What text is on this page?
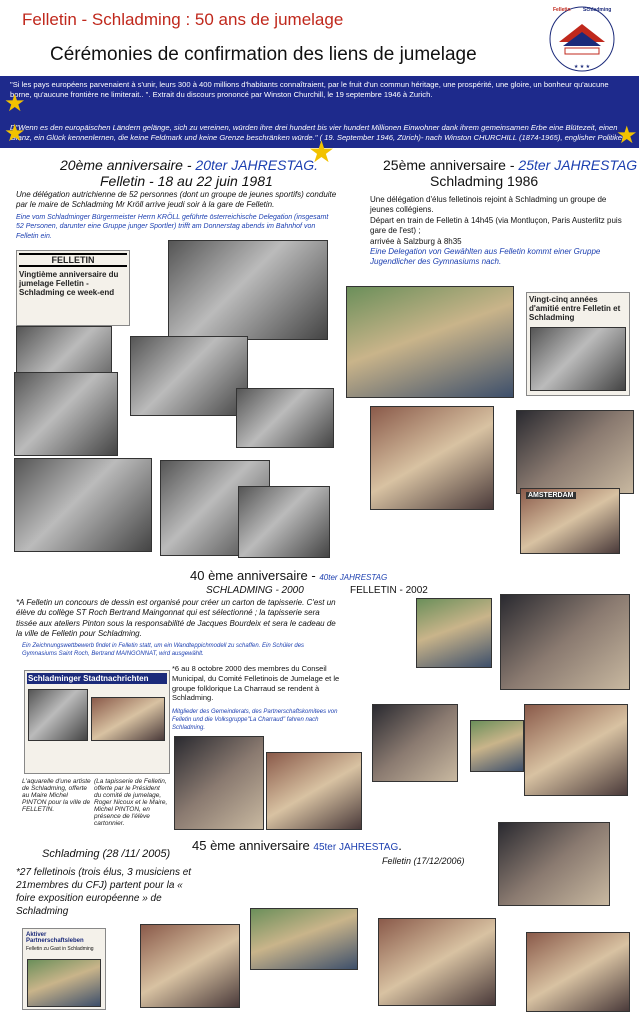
Felletin - Schladming : 50 ans de jumelage
Cérémonies de confirmation des liens de jumelage
★ ★ ★
Felletin Schladming
"Si les pays européens parvenaient à s'unir, leurs 300 à 400 millions d'habitants connaîtraient, par le fruit d'un commun héritage, une prospérité, une gloire, un bonheur qu'aucune borne, qu'aucune frontière ne limiterait.. ". Extrait du discours prononcé par Winston Churchill, le 19 septembre 1946 à Zurich.
D"Wenn es den europäischen Ländern gelänge, sich zu vereinen, würden ihre drei hundert bis vier hundert Millionen Einwohner dank ihrem gemeinsamen Erbe eine Blütezeit, einen Glanz, ein Glück kennenlernen, die keine Feldmark und keine Grenze beschränken würde." ( 19. September 1946, Zürich)- nach Winston CHURCHILL (1874-1965), englisher Politiker.
★
★	★
★
20ème anniversaire - 20ter JAHRESTAG.
Felletin - 18 au 22 juin 1981
Une délégation autrichienne de 52 personnes (dont un groupe de jeunes sportifs) conduite par le maire de Schladming Mr Kröll arrive jeudi soir à la gare de Felletin.
Eine vom Schladminger Bürgermeister Herrn KRÖLL geführte österreichische Delegation (insgesamt 52 Personen, darunter eine Gruppe junger Sportler) trifft am Donnerstag abends im Bahnhof von Felletin ein.
FELLETIN
Vingtième anniversaire du jumelage Felletin - Schladming ce week-end
25ème anniversaire - 25ter JAHRESTAG
Schladming 1986
Une délégation d'élus felletinois rejoint à Schladming un groupe de jeunes collégiens.
Départ en train de Felletin à 14h45 (via Montluçon, Paris Austerlitz puis gare de l'est) ;
arrivée à Salzburg à 8h35
Eine Delegation von Gewählten aus Felletin kommt einer Gruppe Jugendlicher des Gymnasiums nach.
Vingt-cinq années d'amitié entre Felletin et Schladming
AMSTERDAM
40 ème anniversaire - 40ter JAHRESTAG
SCHLADMING - 2000	FELLETIN - 2002
*A Felletin un concours de dessin est organisé pour créer un carton de tapisserie. C'est un élève du collège ST Roch Bertrand Maingonnat qui est sélectionné ; la tapisserie sera tissée aux ateliers Pinton sous la responsabilité de Jacques Bourdeix et sera le cadeau de la ville de Felletin pour Schladming.
Ein Zeichnungswettbewerb findet in Felletin statt, um ein Wandteppichmodell zu schaffen. Ein Schüler des Gymnasiums Saint Roch, Bertrand MAINGONNAT, wird ausgewählt.
*6 au 8 octobre 2000 des membres du Conseil Municipal, du Comité Felletinois de Jumelage et le groupe folklorique La Charraud se rendent à Schladming.
Mitglieder des Gemeinderats, des Partnerschaftskomitees von Felletin und die Volksgruppe"La Charraud" fahren nach Schladming.
Schladminger Stadtnachrichten
L'aquarelle d'une artiste de Schladming, offerte au Maire Michel PINTON pour la ville de FELLETIN.
(La tapisserie de Felletin, offerte par le Président du comité de jumelage, Roger Nicoux et le Maire, Michel PINTON, en présence de l'élève cartonnier.
45 ème anniversaire 45ter JAHRESTAG.
Schladming (28 /11/ 2005)
Felletin (17/12/2006)
*27 felletinois (trois élus, 3 musiciens et 21membres du CFJ) partent pour la « foire exposition européenne » de Schladming
Aktiver Partnerschaftsleben
Felletin zu Gast in Schladming
